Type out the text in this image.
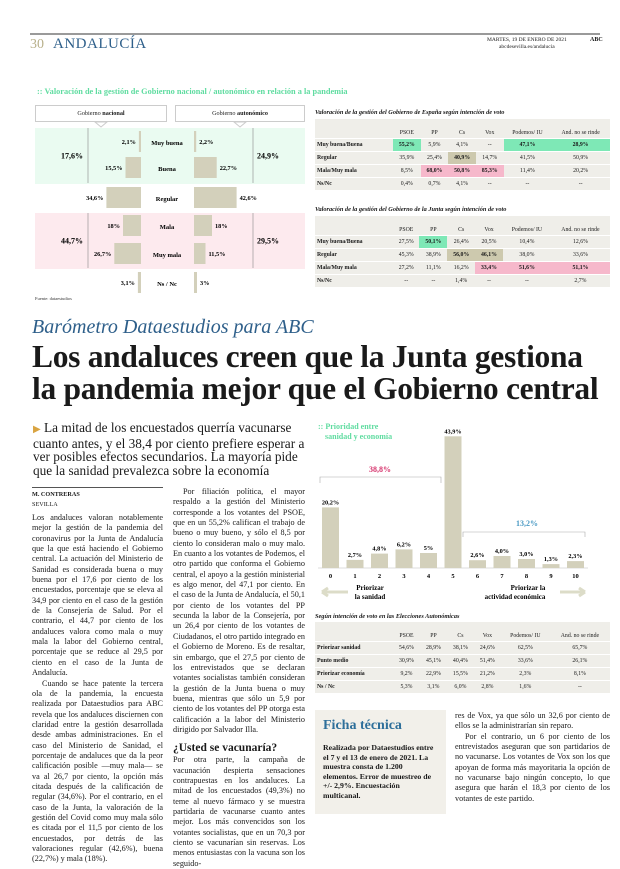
30 ANDALUCÍA	MARTES, 19 DE ENERO DE 2021
abcdesevilla.es/andalucia
ABC
:: Valoración de la gestión de Gobierno nacional / autonómico en relación a la pandemia
Gobierno nacional	Gobierno autonómico
Muy buena
2,1%	2,2%
Buena
15,5%	22,7%
Regular
34,6%	42,6%
Mala
18%	18%
Muy mala
26,7%	11,5%
Ns / Nc
3,1%	3%
17,6%	24,9%
44,7%	29,5%
Fuente: dataestudios
Valoración de la gestión del Gobierno de España según intención de voto
	PSOE	PP	Cs	Vox	Podemos/ IU	And. no se rinde
Muy buena/Buena	55,2%	5,9%	4,1%	--	47,1%	28,9%
Regular	35,9%	25,4%	40,9%	14,7%	41,5%	50,9%
Mala/Muy mala	8,5%	68,0%	50,8%	85,3%	11,4%	20,2%
Ns/Nc	0,4%	0,7%	4,1%	--	--	--
Valoración de la gestión del Gobierno de la Junta según intención de voto
	PSOE	PP	Cs	Vox	Podemos/ IU	And. no se rinde
Muy buena/Buena	27,5%	50,1%	26,4%	20,5%	10,4%	12,6%
Regular	45,3%	38,9%	56,0%	46,1%	38,0%	33,6%
Mala/Muy mala	27,2%	11,1%	16,2%	33,4%	51,6%	51,1%
Ns/Nc	--	--	1,4%	--	--	2,7%
Barómetro Dataestudios para ABC
Los andaluces creen que la Junta gestiona
la pandemia mejor que el Gobierno central
▶ La mitad de los encuestados querría vacunarse cuanto antes, y el 38,4 por ciento prefiere esperar a ver posibles efectos secundarios. La mayoría pide que la sanidad prevalezca sobre la economía
M. CONTRERAS
SEVILLA

Los andaluces valoran notablemente mejor la gestión de la pandemia del coronavirus por la Junta de Andalucía que la que está haciendo el Gobierno central. La actuación del Ministerio de Sanidad es considerada buena o muy buena por el 17,6 por ciento de los encuestados, porcentaje que se eleva al 34,9 por ciento en el caso de la gestión de la Consejería de Salud. Por el contrario, el 44,7 por ciento de los andaluces valora como mala o muy mala la labor del Gobierno central, porcentaje que se reduce al 29,5 por ciento en el caso de la Junta de Andalucía.

Cuando se hace patente la tercera ola de la pandemia, la encuesta realizada por Dataestudios para ABC revela que los andaluces disciernen con claridad entre la gestión desarrollada desde ambas administraciones. En el caso del Ministerio de Sanidad, el porcentaje de andaluces que da la peor calificación posible —muy mala— se va al 26,7 por ciento, la opción más citada después de la calificación de regular (34,6%). Por el contrario, en el caso de la Junta, la valoración de la gestión del Covid como muy mala sólo es citada por el 11,5 por ciento de los encuestados, por detrás de las valoraciones regular (42,6%), buena (22,7%) y mala (18%).

Por filiación política, el mayor respaldo a la gestión del Ministerio corresponde a los votantes del PSOE, que en un 55,2% califican el trabajo de bueno o muy bueno, y sólo el 8,5 por ciento lo consideran malo o muy malo. En cuanto a los votantes de Podemos, el otro partido que conforma el Gobierno central, el apoyo a la gestión ministerial es algo menor, del 47,1 por ciento. En el caso de la Junta de Andalucía, el 50,1 por ciento de los votantes del PP secunda la labor de la Consejería, por un 26,4 por ciento de los votantes de Ciudadanos, el otro partido integrado en el Gobierno de Moreno. Es de resaltar, sin embargo, que el 27,5 por ciento de los entrevistados que se declaran votantes socialistas también consideran la gestión de la Junta buena o muy buena, mientras que sólo un 5,9 por ciento de los votantes del PP otorga esta calificación a la labor del Ministerio dirigido por Salvador Illa.

¿Usted se vacunaría?

Por otra parte, la campaña de vacunación despierta sensaciones contrapuestas en los andaluces. La mitad de los encuestados (49,3%) no teme al nuevo fármaco y se muestra partidaria de vacunarse cuanto antes mejor. Los más convencidos son los votantes socialistas, que en un 70,3 por ciento se vacunarían sin reservas. Los menos entusiastas con la vacuna son los seguido-

res de Vox, ya que sólo un 32,6 por ciento de ellos se la administrarían sin reparo.

Por el contrario, un 6 por ciento de los entrevistados aseguran que son partidarios de no vacunarse. Los votantes de Vox son los que apoyan de forma más mayoritaria la opción de no vacunarse bajo ningún concepto, lo que asegura que harán el 18,3 por ciento de los votantes de este partido.

:: Prioridad entre
sanidad y economía
20,2%
0
2,7%
1
4,8%
2
6,2%
3
5%
4
43,9%
5
2,6%
6
4,0%
7
3,0%
8
1,3%
9
2,3%
10
38,8%
13,2%
Priorizar
la sanidad
Priorizar la
actividad económica
Según intención de voto en las Elecciones Autonómicas
	PSOE	PP	Cs	Vox	Podemos/ IU	And. no se rinde
Priorizar sanidad	54,6%	28,9%	38,1%	24,6%	62,5%	65,7%
Punto medio	30,9%	45,1%	40,4%	51,4%	33,6%	26,1%
Priorizar economía	9,2%	22,9%	15,5%	21,2%	2,3%	8,1%
Ns / Nc	5,3%	3,1%	6,0%	2,8%	1,6%	--
Ficha técnica
Realizada por Dataestudios entre el 7 y el 13 de enero de 2021. La muestra consta de 1.200 elementos. Error de muestreo de +/- 2,9%. Encuestación multicanal.
